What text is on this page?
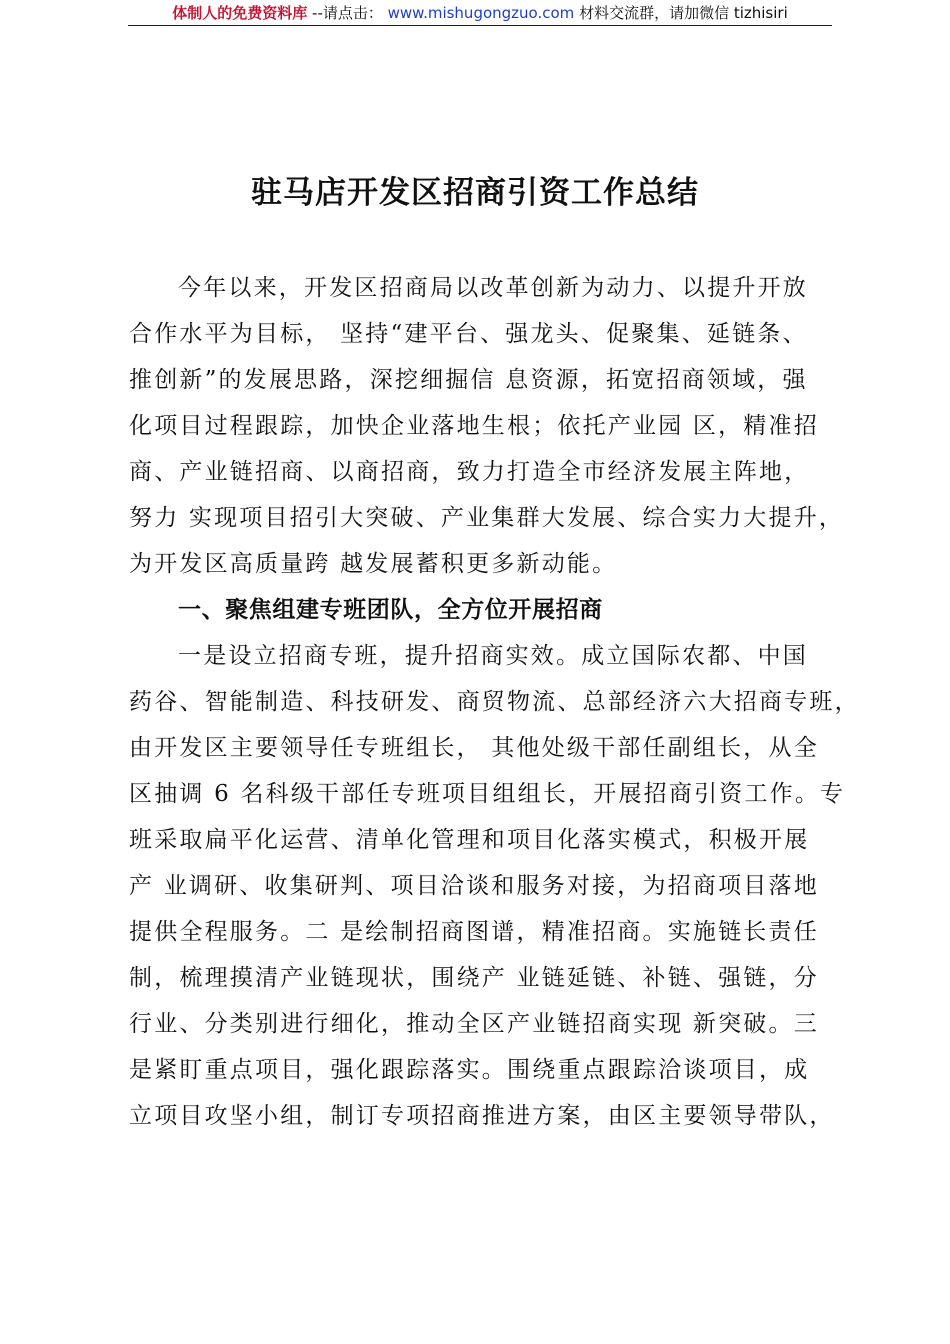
体制人的免费资料库 --请点击： www.mishugongzuo.com 材料交流群，请加微信 tizhisiri
驻马店开发区招商引资工作总结
今年以来，开发区招商局以改革创新为动力、以提升开放
合作水平为目标， 坚持“建平台、强龙头、促聚集、延链条、
推创新”的发展思路，深挖细掘信 息资源，拓宽招商领域，强
化项目过程跟踪，加快企业落地生根；依托产业园 区，精准招
商、产业链招商、以商招商，致力打造全市经济发展主阵地，
努力 实现项目招引大突破、产业集群大发展、综合实力大提升，
为开发区高质量跨 越发展蓄积更多新动能。
一、聚焦组建专班团队，全方位开展招商
一是设立招商专班，提升招商实效。成立国际农都、中国
药谷、智能制造、科技研发、商贸物流、总部经济六大招商专班，
由开发区主要领导任专班组长， 其他处级干部任副组长，从全
区抽调 6 名科级干部任专班项目组组长，开展招商引资工作。专
班采取扁平化运营、清单化管理和项目化落实模式，积极开展
产 业调研、收集研判、项目洽谈和服务对接，为招商项目落地
提供全程服务。二 是绘制招商图谱，精准招商。实施链长责任
制，梳理摸清产业链现状，围绕产 业链延链、补链、强链，分
行业、分类别进行细化，推动全区产业链招商实现 新突破。三
是紧盯重点项目，强化跟踪落实。围绕重点跟踪洽谈项目，成
立项目攻坚小组，制订专项招商推进方案，由区主要领导带队，
